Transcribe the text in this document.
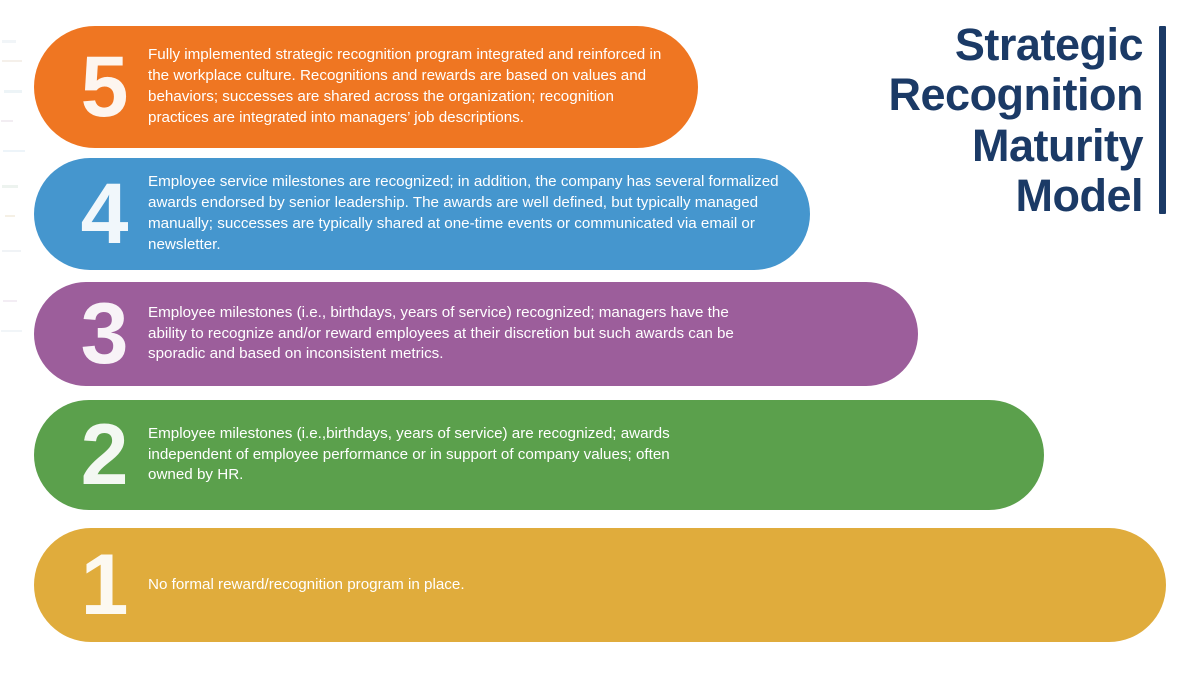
Strategic
Recognition
Maturity
Model
5	Fully implemented strategic recognition program integrated and reinforced in the workplace culture. Recognitions and rewards are based on values and behaviors; successes are shared across the organization; recognition practices are integrated into managers’ job descriptions.
4	Employee service milestones are recognized; in addition, the company has several formalized awards endorsed by senior leadership. The awards are well defined, but typically managed manually; successes are typically shared at one-time events or communicated via email or newsletter.
3	Employee milestones (i.e., birthdays, years of service) recognized; managers have the ability to recognize and/or reward employees at their discretion but such awards can be sporadic and based on inconsistent metrics.
2	Employee milestones (i.e.,birthdays, years of service) are recognized; awards independent of employee performance or in support of company values; often owned by HR.
1	No formal reward/recognition program in place.
